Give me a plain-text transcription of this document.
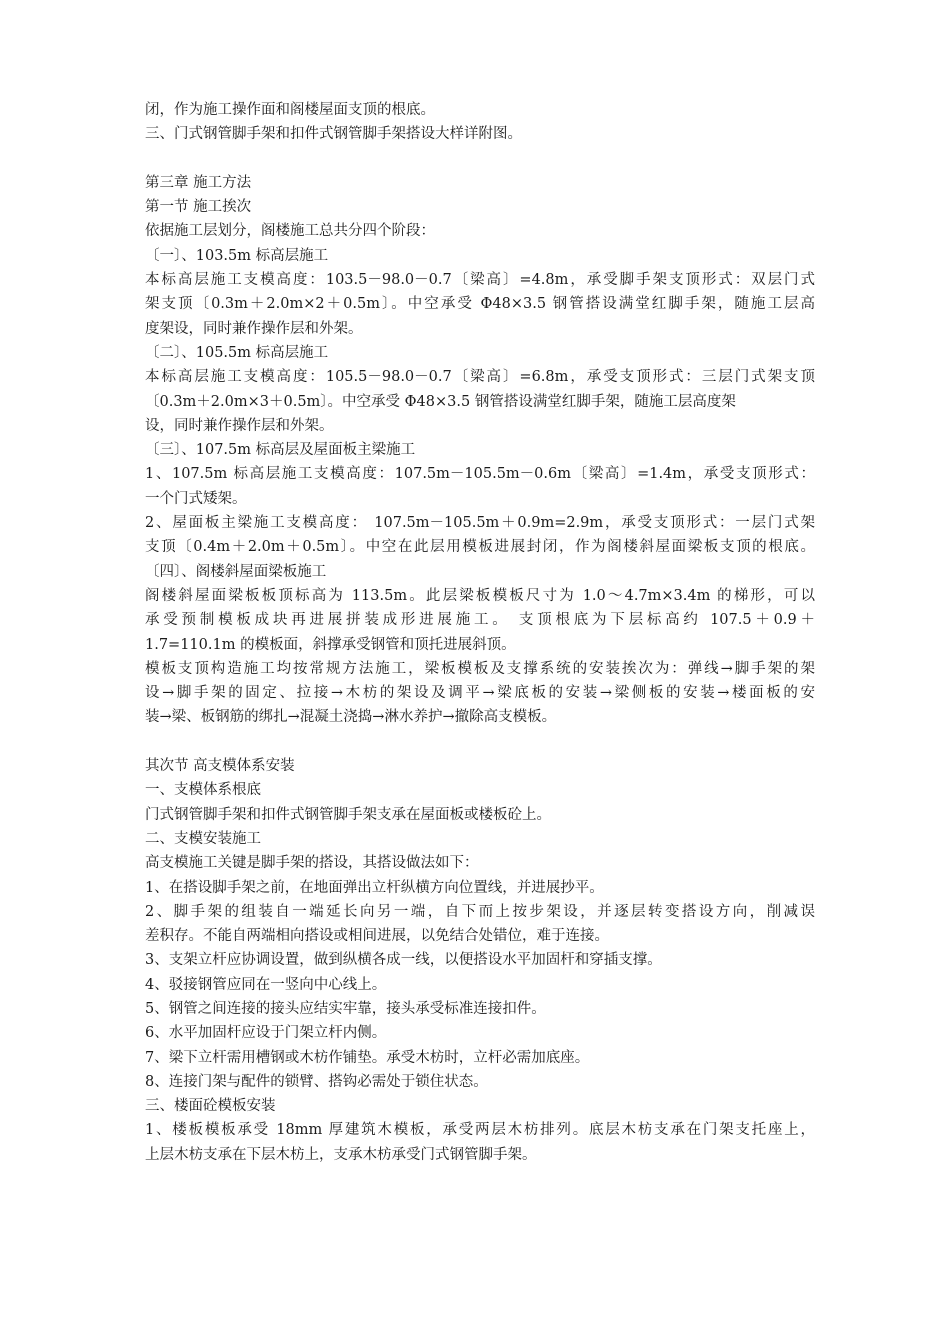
闭，作为施工操作面和阁楼屋面支顶的根底。
三、门式钢管脚手架和扣件式钢管脚手架搭设大样详附图。
第三章 施工方法
第一节 施工挨次
依据施工层划分，阁楼施工总共分四个阶段：
〔一〕、103.5m 标高层施工
本标高层施工支模高度：103.5－98.0－0.7〔梁高〕=4.8m，承受脚手架支顶形式：双层门式
架支顶〔0.3m＋2.0m×2＋0.5m〕。中空承受 Φ48×3.5 钢管搭设满堂红脚手架，随施工层高
度架设，同时兼作操作层和外架。
〔二〕、105.5m 标高层施工
本标高层施工支模高度：105.5－98.0－0.7〔梁高〕=6.8m，承受支顶形式：三层门式架支顶
〔0.3m＋2.0m×3＋0.5m〕。中空承受 Φ48×3.5 钢管搭设满堂红脚手架，随施工层高度架
设，同时兼作操作层和外架。
〔三〕、107.5m 标高层及屋面板主梁施工
1、107.5m 标高层施工支模高度：107.5m－105.5m－0.6m〔梁高〕=1.4m，承受支顶形式：
一个门式矮架。
2、屋面板主梁施工支模高度： 107.5m－105.5m＋0.9m=2.9m，承受支顶形式：一层门式架
支顶〔0.4m＋2.0m＋0.5m〕。中空在此层用模板进展封闭，作为阁楼斜屋面梁板支顶的根底。
〔四〕、阁楼斜屋面梁板施工
阁楼斜屋面梁板板顶标高为 113.5m。此层梁板模板尺寸为 1.0～4.7m×3.4m 的梯形，可以
承受预制模板成块再进展拼装成形进展施工。 支顶根底为下层标高约 107.5＋0.9＋
1.7=110.1m 的模板面，斜撑承受钢管和顶托进展斜顶。
模板支顶构造施工均按常规方法施工，梁板模板及支撑系统的安装挨次为：弹线→脚手架的架
设→脚手架的固定、拉接→木枋的架设及调平→梁底板的安装→梁侧板的安装→楼面板的安
装→梁、板钢筋的绑扎→混凝土浇捣→淋水养护→撤除高支模板。
其次节 高支模体系安装
一、支模体系根底
门式钢管脚手架和扣件式钢管脚手架支承在屋面板或楼板砼上。
二、支模安装施工
高支模施工关键是脚手架的搭设，其搭设做法如下：
1、在搭设脚手架之前，在地面弹出立杆纵横方向位置线，并进展抄平。
2、脚手架的组装自一端延长向另一端，自下而上按步架设，并逐层转变搭设方向，削减误
差积存。不能自两端相向搭设或相间进展，以免结合处错位，难于连接。
3、支架立杆应协调设置，做到纵横各成一线，以便搭设水平加固杆和穿插支撑。
4、驳接钢管应同在一竖向中心线上。
5、钢管之间连接的接头应结实牢靠，接头承受标准连接扣件。
6、水平加固杆应设于门架立杆内侧。
7、梁下立杆需用槽钢或木枋作铺垫。承受木枋时，立杆必需加底座。
8、连接门架与配件的锁臂、搭钩必需处于锁住状态。
三、楼面砼模板安装
1、楼板模板承受 18mm 厚建筑木模板，承受两层木枋排列。底层木枋支承在门架支托座上，
上层木枋支承在下层木枋上，支承木枋承受门式钢管脚手架。
